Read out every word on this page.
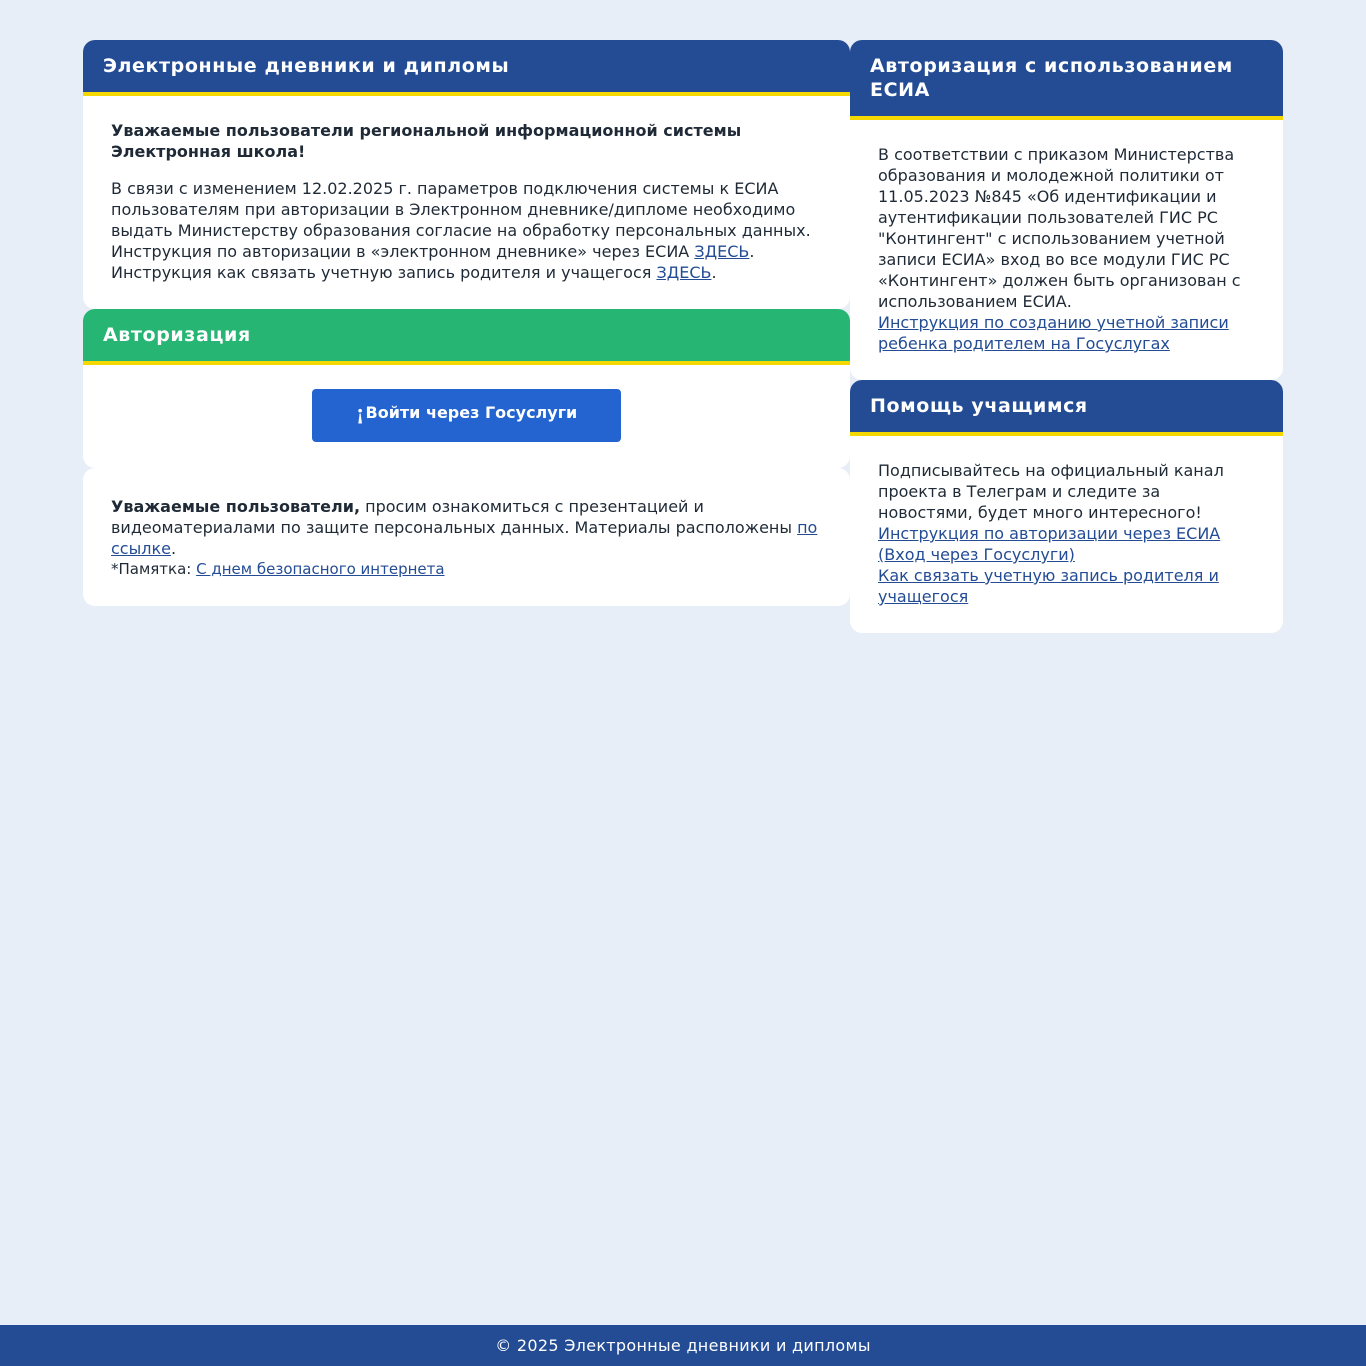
Электронные дневники и дипломы

Уважаемые пользователи региональной информационной системы Электронная школа!

В связи с изменением 12.02.2025 г. параметров подключения системы к ЕСИА пользователям при авторизации в Электронном дневнике/дипломе необходимо выдать Министерству образования согласие на обработку персональных данных. Инструкция по авторизации в «электронном дневнике» через ЕСИА ЗДЕСЬ.
Инструкция как связать учетную запись родителя и учащегося ЗДЕСЬ.

Авторизация
¡ Войти через Госуслуги

Уважаемые пользователи, просим ознакомиться с презентацией и видеоматериалами по защите персональных данных. Материалы расположены по ссылке.

*Памятка: С днем безопасного интернета

Авторизация с использованием ЕСИА

В соответствии с приказом Министерства образования и молодежной политики от 11.05.2023 №845 «Об идентификации и аутентификации пользователей ГИС РС "Контингент" с использованием учетной записи ЕСИА» вход во все модули ГИС РС «Контингент» должен быть организован с использованием ЕСИА.
Инструкция по созданию учетной записи ребенка родителем на Госуслугах

Помощь учащимся

Подписывайтесь на официальный канал проекта в Телеграм и следите за новостями, будет много интересного!
Инструкция по авторизации через ЕСИА (Вход через Госуслуги)
Как связать учетную запись родителя и учащегося

© 2025 Электронные дневники и дипломы
